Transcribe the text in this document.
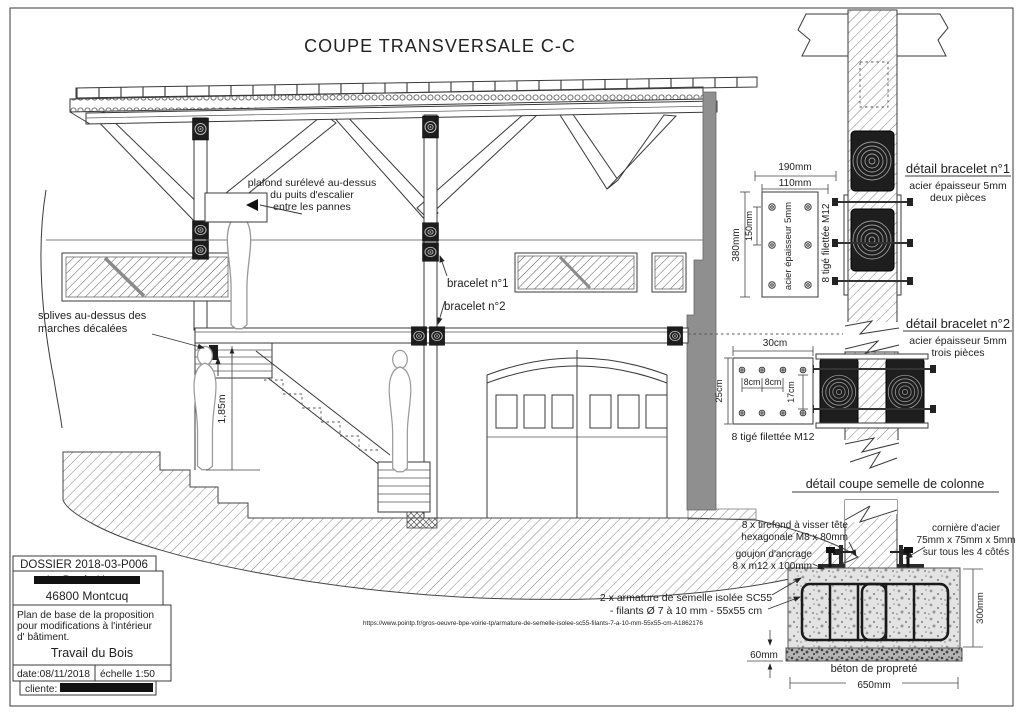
COUPE TRANSVERSALE C-C
plafond surélevé au-dessus
du puits d'escalier
entre les pannes
bracelet n°1
bracelet n°2
solives au-dessus des
marches décalées
1,85m
détail bracelet n°1
acier épaisseur 5mm
deux pièces
190mm
110mm
380mm
150mm	acier épaisseur 5mm	8 tigé filettée M12
détail bracelet n°2
acier épaisseur 5mm
trois pièces
30cm
25cm 8cm 8cm 17cm
8 tigé filettée M12
détail coupe semelle de colonne
300mm
60mm
béton de propreté
650mm
8 x tirefond à visser tête
hexagonale M8 x 80mm
goujon d'ancrage
8 x m12 x 100mm
cornière d'acier
75mm x 75mm x 5mm
sur tous les 4 côtés
2 x armature de semelle isolée SC55
- filants Ø 7 à 10 mm - 55x55 cm
https://www.pointp.fr/gros-oeuvre-bpe-voirie-tp/armature-de-semelle-isolee-sc55-filants-7-a-10-mm-55x55-cm-A1862176
DOSSIER 2018-03-P006
46800 Montcuq
Plan de base de la proposition
pour modifications à l'intérieur
d' bâtiment.
Travail du Bois
date:08/11/2018 échelle 1:50
cliente:
